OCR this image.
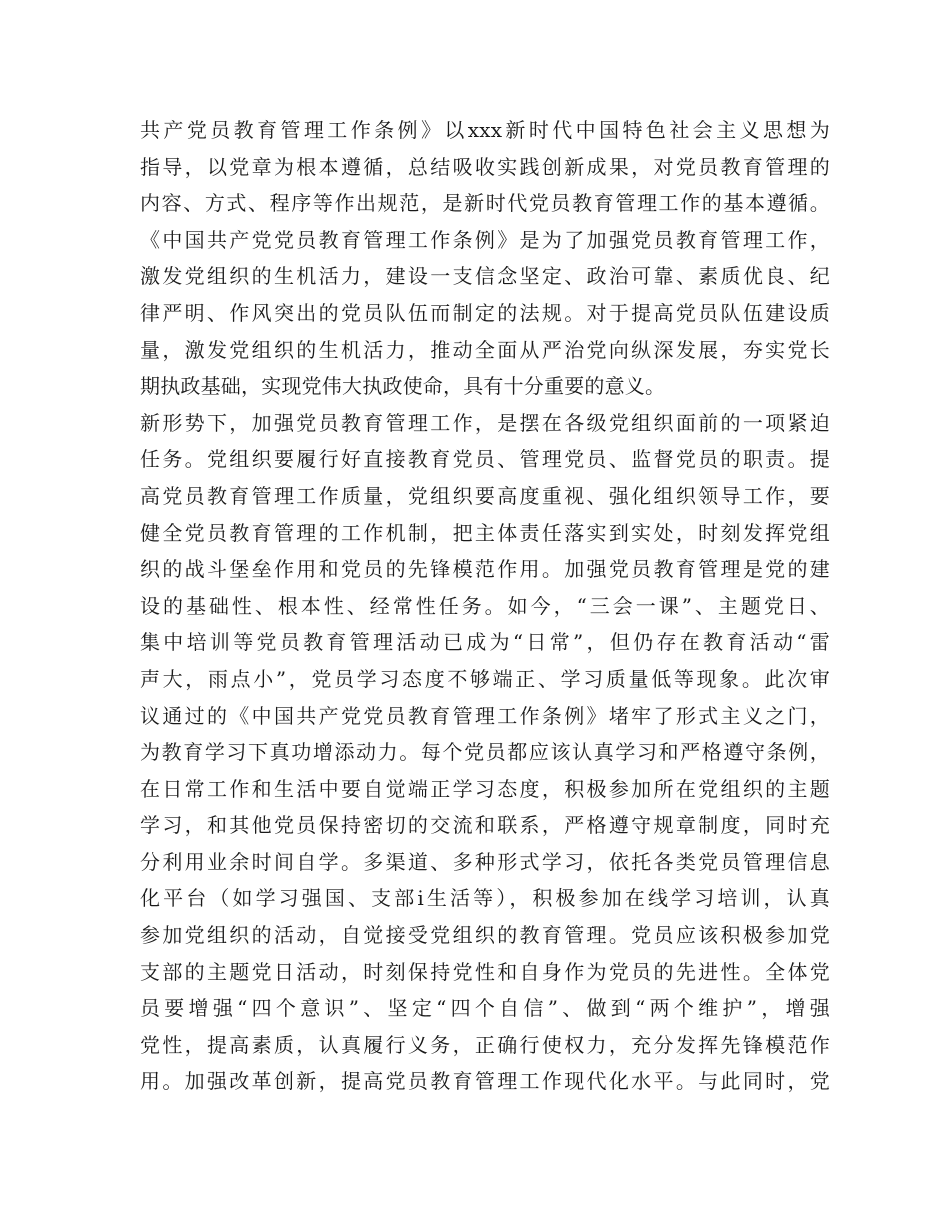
共产党员教育管理工作条例》以xxx新时代中国特色社会主义思想为
指导，以党章为根本遵循，总结吸收实践创新成果，对党员教育管理的
内容、方式、程序等作出规范，是新时代党员教育管理工作的基本遵循。
《中国共产党党员教育管理工作条例》是为了加强党员教育管理工作，
激发党组织的生机活力，建设一支信念坚定、政治可靠、素质优良、纪
律严明、作风突出的党员队伍而制定的法规。对于提高党员队伍建设质
量，激发党组织的生机活力，推动全面从严治党向纵深发展，夯实党长
期执政基础，实现党伟大执政使命，具有十分重要的意义。
新形势下，加强党员教育管理工作，是摆在各级党组织面前的一项紧迫
任务。党组织要履行好直接教育党员、管理党员、监督党员的职责。提
高党员教育管理工作质量，党组织要高度重视、强化组织领导工作，要
健全党员教育管理的工作机制，把主体责任落实到实处，时刻发挥党组
织的战斗堡垒作用和党员的先锋模范作用。加强党员教育管理是党的建
设的基础性、根本性、经常性任务。如今，“三会一课”、主题党日、
集中培训等党员教育管理活动已成为“日常”，但仍存在教育活动“雷
声大，雨点小”，党员学习态度不够端正、学习质量低等现象。此次审
议通过的《中国共产党党员教育管理工作条例》堵牢了形式主义之门，
为教育学习下真功增添动力。每个党员都应该认真学习和严格遵守条例，
在日常工作和生活中要自觉端正学习态度，积极参加所在党组织的主题
学习，和其他党员保持密切的交流和联系，严格遵守规章制度，同时充
分利用业余时间自学。多渠道、多种形式学习，依托各类党员管理信息
化平台（如学习强国、支部i生活等），积极参加在线学习培训，认真
参加党组织的活动，自觉接受党组织的教育管理。党员应该积极参加党
支部的主题党日活动，时刻保持党性和自身作为党员的先进性。全体党
员要增强“四个意识”、坚定“四个自信”、做到“两个维护”，增强
党性，提高素质，认真履行义务，正确行使权力，充分发挥先锋模范作
用。加强改革创新，提高党员教育管理工作现代化水平。与此同时，党
